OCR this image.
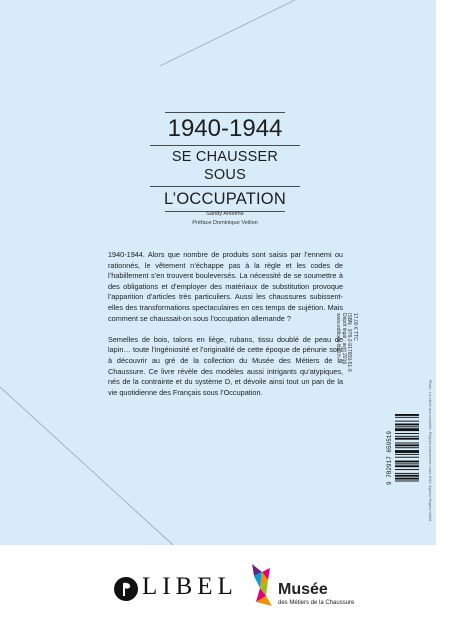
1940-1944
SE CHAUSSER SOUS
L’OCCUPATION
Sandy Antelme
Préface Dominique Veillon

1940-1944. Alors que nombre de produits sont saisis par l’ennemi ou rationnés, le vêtement n’échappe pas à la règle et les codes de l’habillement s’en trouvent bouleversés. La nécessité de se soumettre à des obligations et d’employer des matériaux de substitution provoque l’apparition d’articles très particuliers. Aussi les chaussures subissent-elles des transformations spectaculaires en ces temps de sujétion. Mais comment se chaussait-on sous l’occupation allemande ?

Semelles de bois, talons en liège, rubans, tissu doublé de peau de lapin… toute l’ingéniosité et l’originalité de cette époque de pénurie sont à découvrir au gré de la collection du Musée des Métiers de la Chaussure. Ce livre révèle des modèles aussi intrigants qu’atypiques, nés de la contrainte et du système D, et dévoile ainsi tout un pan de la vie quotidienne des Français sous l’Occupation.

17,00 € TTC
ISBN : 978-2-917659-51-9
Dépôt légal : avril 2016
www.editions-libel.fr
9 782917 659519	Photo : La vitrine aux curiosités. Régions parisiennes, mars 1942. Agence Rogers-Viollet
LIBEL	Musée
des Métiers de la Chaussure
